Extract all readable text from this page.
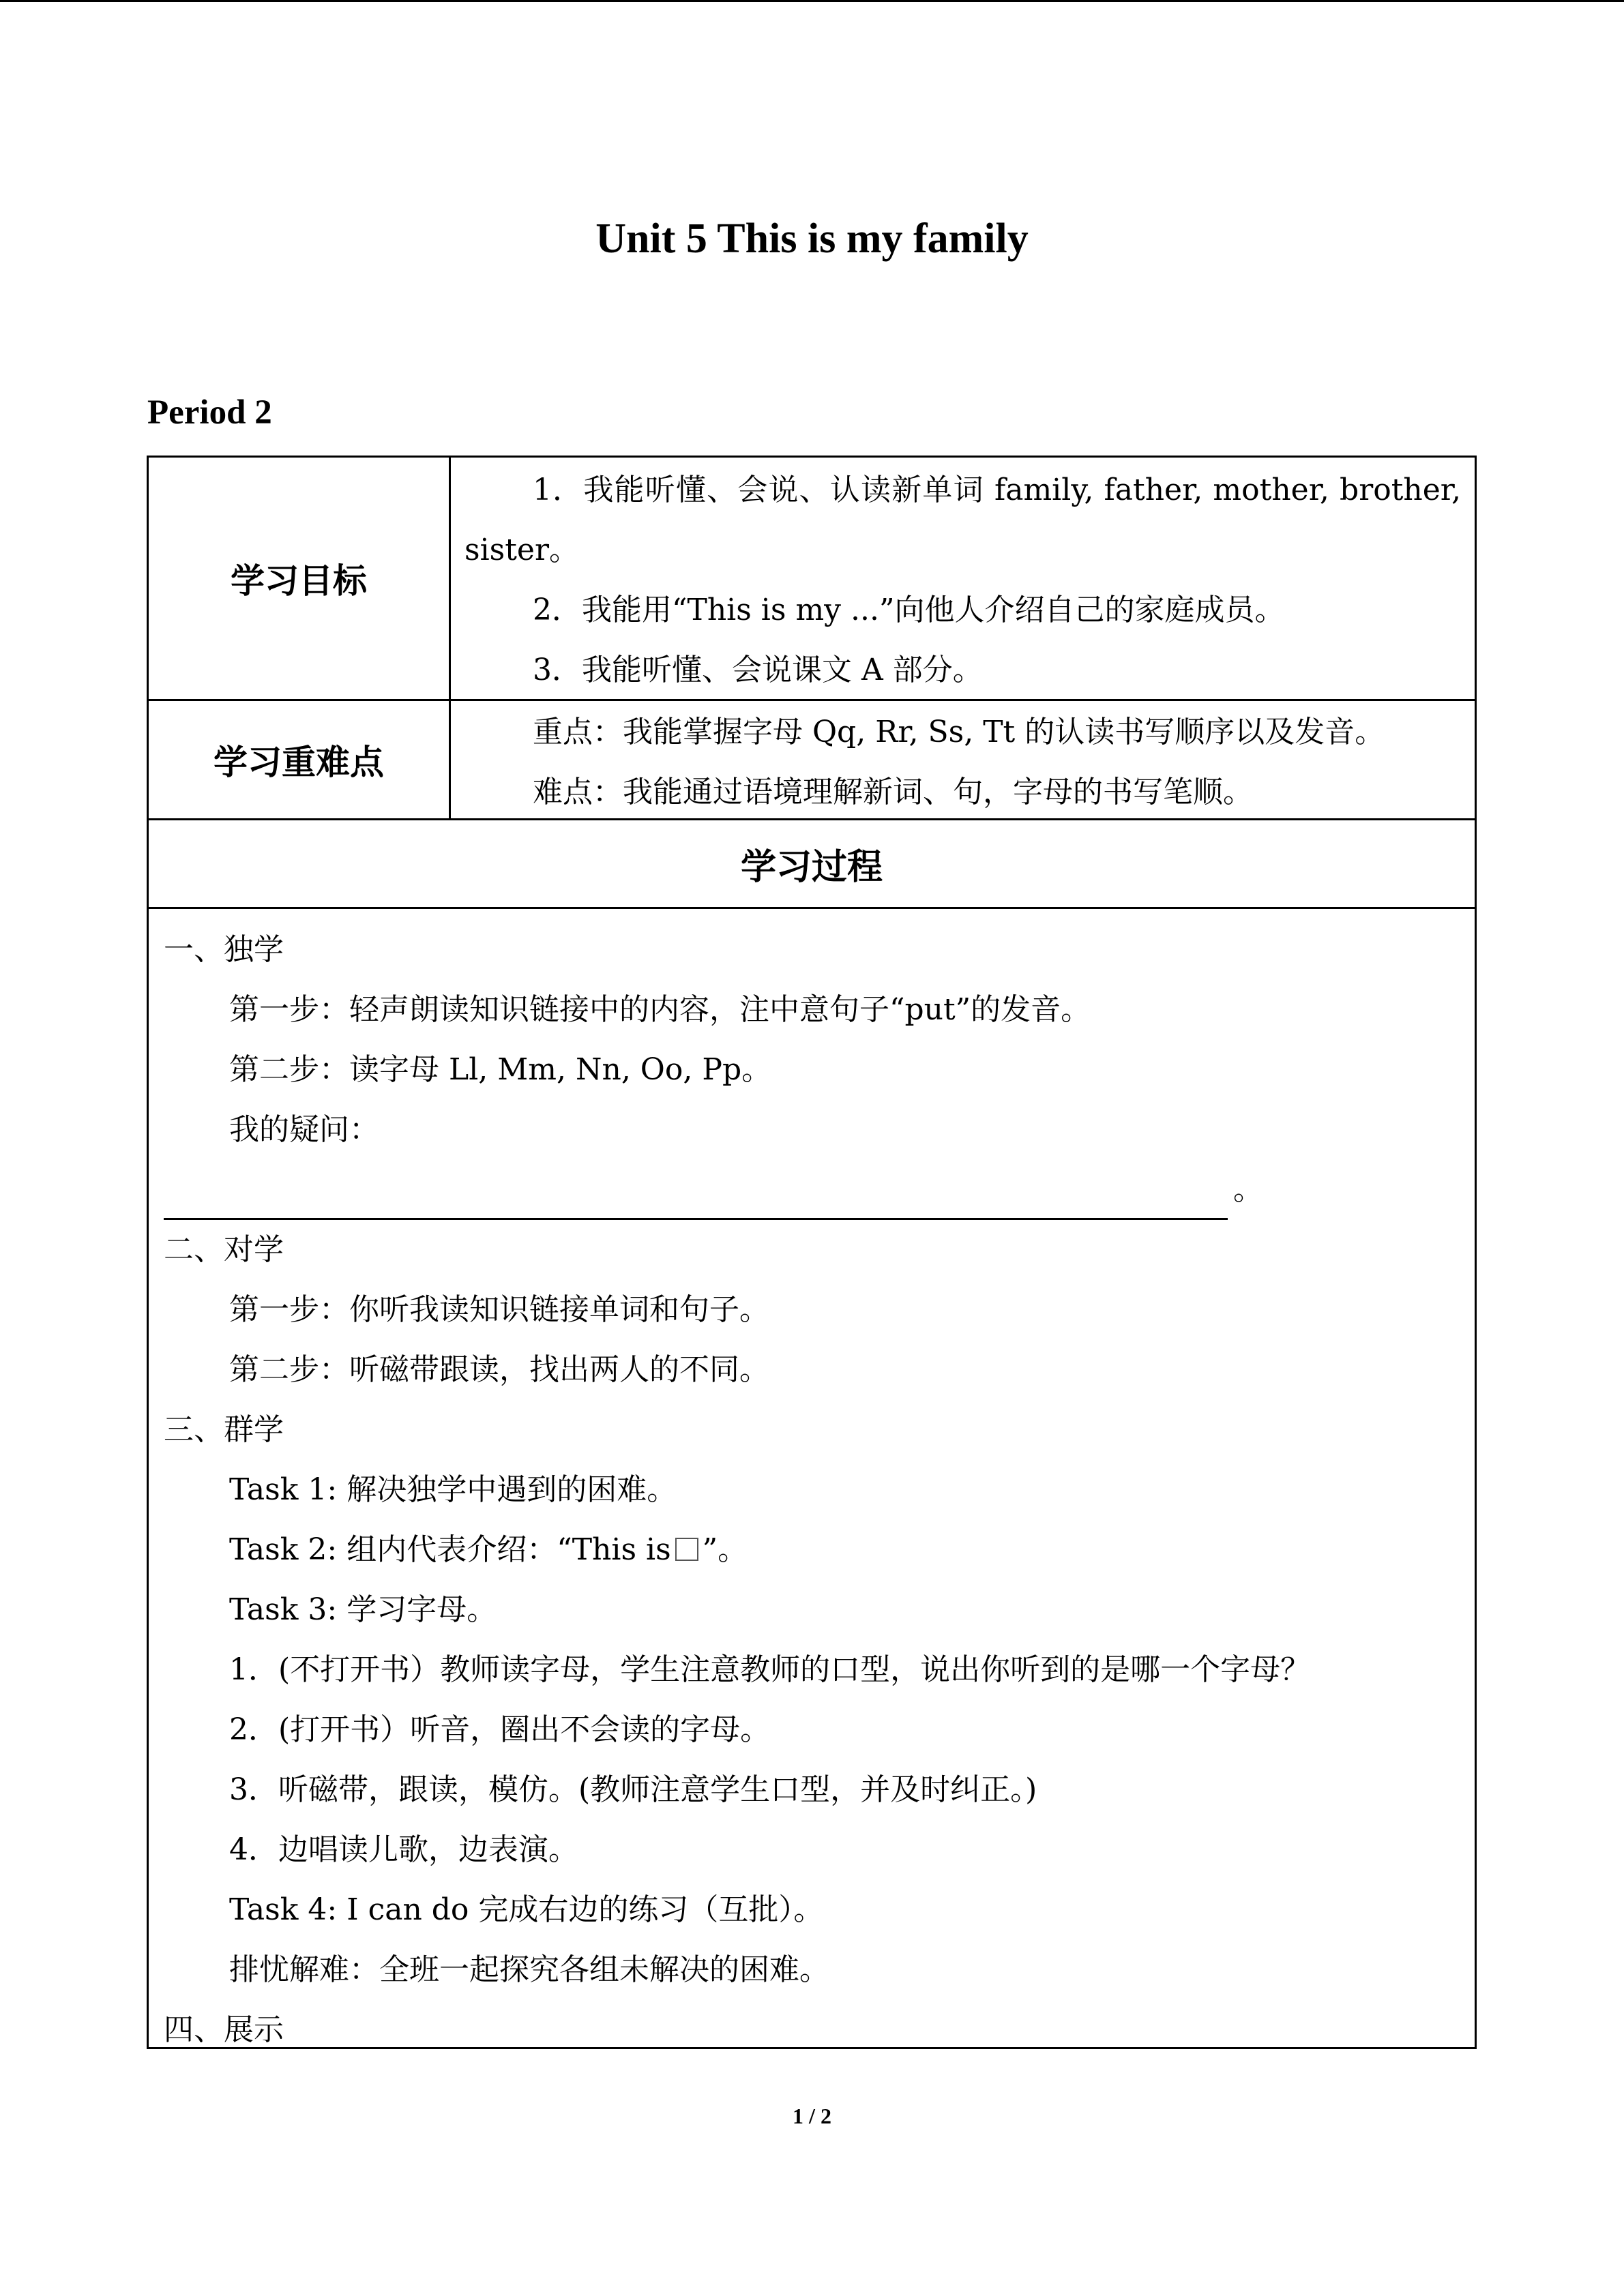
Unit 5 This is my family
Period 2
学习目标
1．我能听懂、会说、认读新单词 family, father, mother, brother,
sister。
2．我能用“This is my ...”向他人介绍自己的家庭成员。
3．我能听懂、会说课文 A 部分。
学习重难点
重点：我能掌握字母 Qq, Rr, Ss, Tt 的认读书写顺序以及发音。
难点：我能通过语境理解新词、句，字母的书写笔顺。
学习过程
一、独学
第一步：轻声朗读知识链接中的内容，注中意句子“put”的发音。
第二步：读字母 Ll, Mm, Nn, Oo, Pp。
我的疑问：
。
二、对学
第一步：你听我读知识链接单词和句子。
第二步：听磁带跟读，找出两人的不同。
三、群学
Task 1: 解决独学中遇到的困难。
Task 2: 组内代表介绍：“This is ”。
Task 3: 学习字母。
1．(不打开书）教师读字母，学生注意教师的口型，说出你听到的是哪一个字母？
2．(打开书）听音，圈出不会读的字母。
3．听磁带，跟读，模仿。(教师注意学生口型，并及时纠正。)
4．边唱读儿歌，边表演。
Task 4: I can do 完成右边的练习（互批）。
排忧解难：全班一起探究各组未解决的困难。
四、展示
1 / 2
